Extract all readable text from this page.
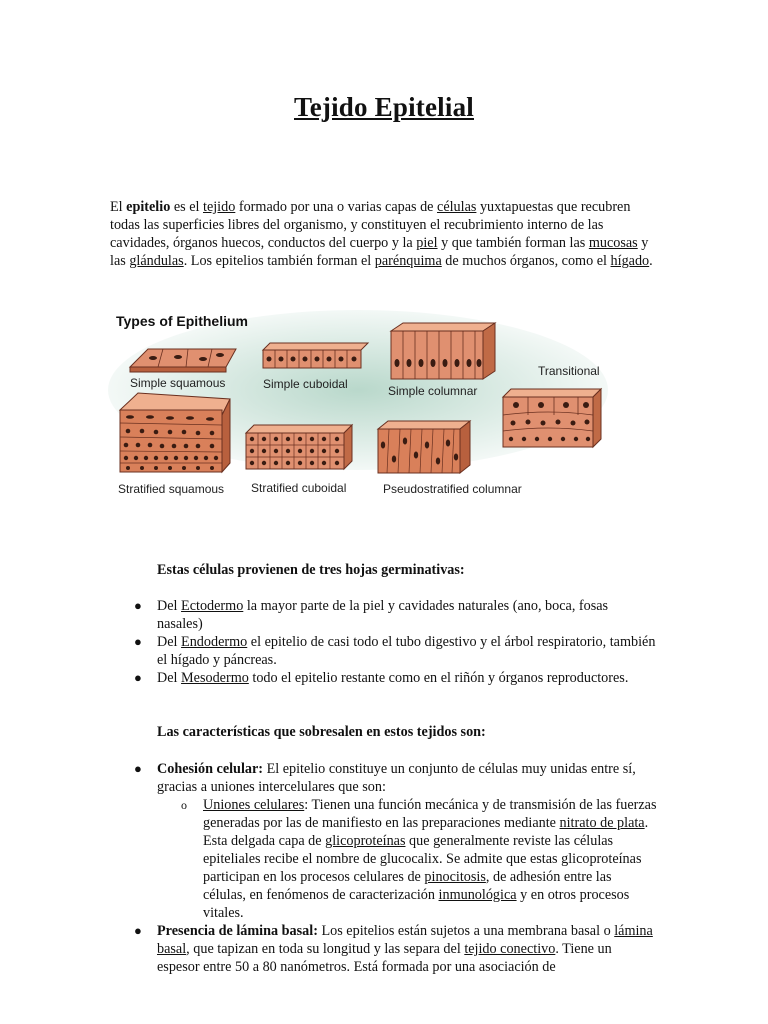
Tejido Epitelial
El epitelio es el tejido formado por una o varias capas de células yuxtapuestas que recubren todas las superficies libres del organismo, y constituyen el recubrimiento interno de las cavidades, órganos huecos, conductos del cuerpo y la piel y que también forman las mucosas y las glándulas. Los epitelios también forman el parénquima de muchos órganos, como el hígado.
Types of Epithelium
Simple squamous	Simple cuboidal	Simple columnar
Transitional
Stratified squamous Stratified cuboidal	Pseudostratified columnar
Estas células provienen de tres hojas germinativas:
● Del Ectodermo la mayor parte de la piel y cavidades naturales (ano, boca, fosas nasales)
● Del Endodermo el epitelio de casi todo el tubo digestivo y el árbol respiratorio, también el hígado y páncreas.
● Del Mesodermo todo el epitelio restante como en el riñón y órganos reproductores.
Las características que sobresalen en estos tejidos son:
● Cohesión celular: El epitelio constituye un conjunto de células muy unidas entre sí, gracias a uniones intercelulares que son:
o Uniones celulares: Tienen una función mecánica y de transmisión de las fuerzas generadas por las de manifiesto en las preparaciones mediante nitrato de plata. Esta delgada capa de glicoproteínas que generalmente reviste las células epiteliales recibe el nombre de glucocalix. Se admite que estas glicoproteínas participan en los procesos celulares de pinocitosis, de adhesión entre las células, en fenómenos de caracterización inmunológica y en otros procesos vitales.
● Presencia de lámina basal: Los epitelios están sujetos a una membrana basal o lámina basal, que tapizan en toda su longitud y las separa del tejido conectivo. Tiene un espesor entre 50 a 80 nanómetros. Está formada por una asociación de
